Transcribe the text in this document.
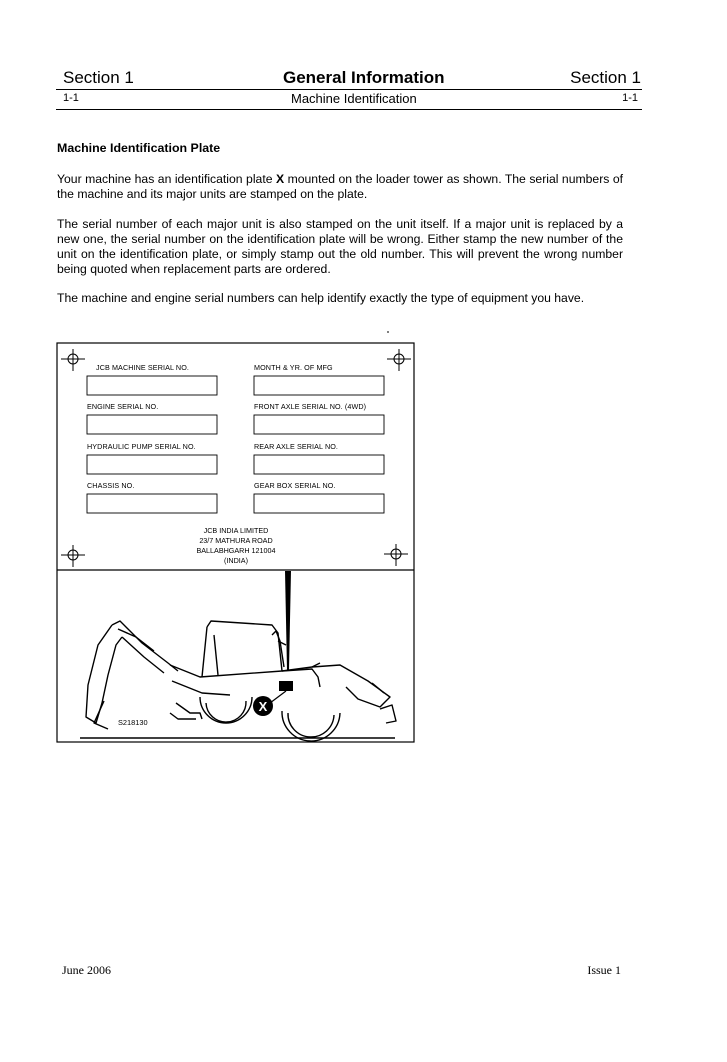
Section 1	General Information	Section 1
1-1	Machine Identification	1-1
Machine Identification Plate
Your machine has an identification plate X mounted on the loader tower as shown. The serial numbers of the machine and its major units are stamped on the plate.
The serial number of each major unit is also stamped on the unit itself. If a major unit is replaced by a new one, the serial number on the identification plate will be wrong. Either stamp the new number of the unit on the identification plate, or simply stamp out the old number. This will prevent the wrong number being quoted when replacement parts are ordered.
The machine and engine serial numbers can help identify exactly the type of equipment you have.
JCB MACHINE SERIAL NO.	MONTH & YR. OF MFG
ENGINE SERIAL NO.	FRONT AXLE SERIAL NO. (4WD)
HYDRAULIC PUMP SERIAL NO.	REAR AXLE SERIAL NO.
CHASSIS NO.	GEAR BOX SERIAL NO.
JCB INDIA LIMITED
23/7 MATHURA ROAD
BALLABHGARH 121004
(INDIA)
X
S218130
June 2006	Issue 1
